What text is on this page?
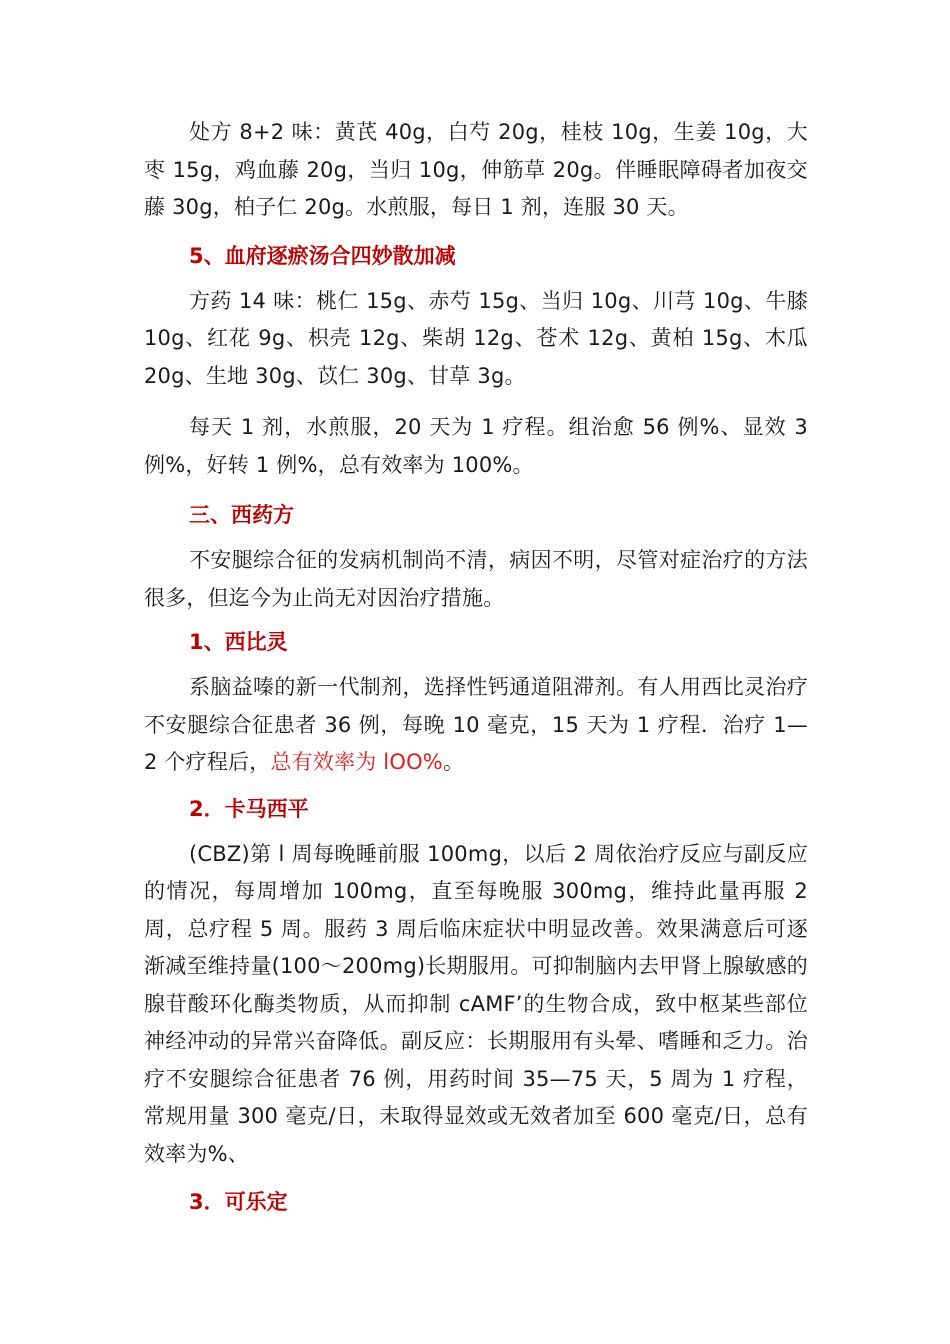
处方 8+2 味：黄芪 40g，白芍 20g，桂枝 10g，生姜 10g，大枣 15g，鸡血藤 20g，当归 10g，伸筋草 20g。伴睡眠障碍者加夜交藤 30g，柏子仁 20g。水煎服，每日 1 剂，连服 30 天。

5、血府逐瘀汤合四妙散加减

方药 14 味：桃仁 15g、赤芍 15g、当归 10g、川芎 10g、牛膝 10g、红花 9g、枳壳 12g、柴胡 12g、苍术 12g、黄柏 15g、木瓜 20g、生地 30g、苡仁 30g、甘草 3g。

每天 1 剂，水煎服，20 天为 1 疗程。组治愈 56 例%、显效 3 例%，好转 1 例%，总有效率为 100%。

三、西药方

不安腿综合征的发病机制尚不清，病因不明，尽管对症治疗的方法很多，但迄今为止尚无对因治疗措施。

1、西比灵

系脑益嗪的新一代制剂，选择性钙通道阻滞剂。有人用西比灵治疗不安腿综合征患者 36 例，每晚 10 毫克，15 天为 1 疗程．治疗 1—2 个疗程后，总有效率为 lOO%。

2．卡马西平

(CBZ)第 l 周每晚睡前服 100mg，以后 2 周依治疗反应与副反应的情况，每周增加 100mg，直至每晚服 300mg，维持此量再服 2 周，总疗程 5 周。服药 3 周后临床症状中明显改善。效果满意后可逐渐减至维持量(100～200mg)长期服用。可抑制脑内去甲肾上腺敏感的腺苷酸环化酶类物质，从而抑制 cAMF’的生物合成，致中枢某些部位神经冲动的异常兴奋降低。副反应：长期服用有头晕、嗜睡和乏力。治疗不安腿综合征患者 76 例，用药时间 35—75 天，5 周为 1 疗程，常规用量 300 毫克/日，未取得显效或无效者加至 600 毫克/日，总有效率为%、

3．可乐定
